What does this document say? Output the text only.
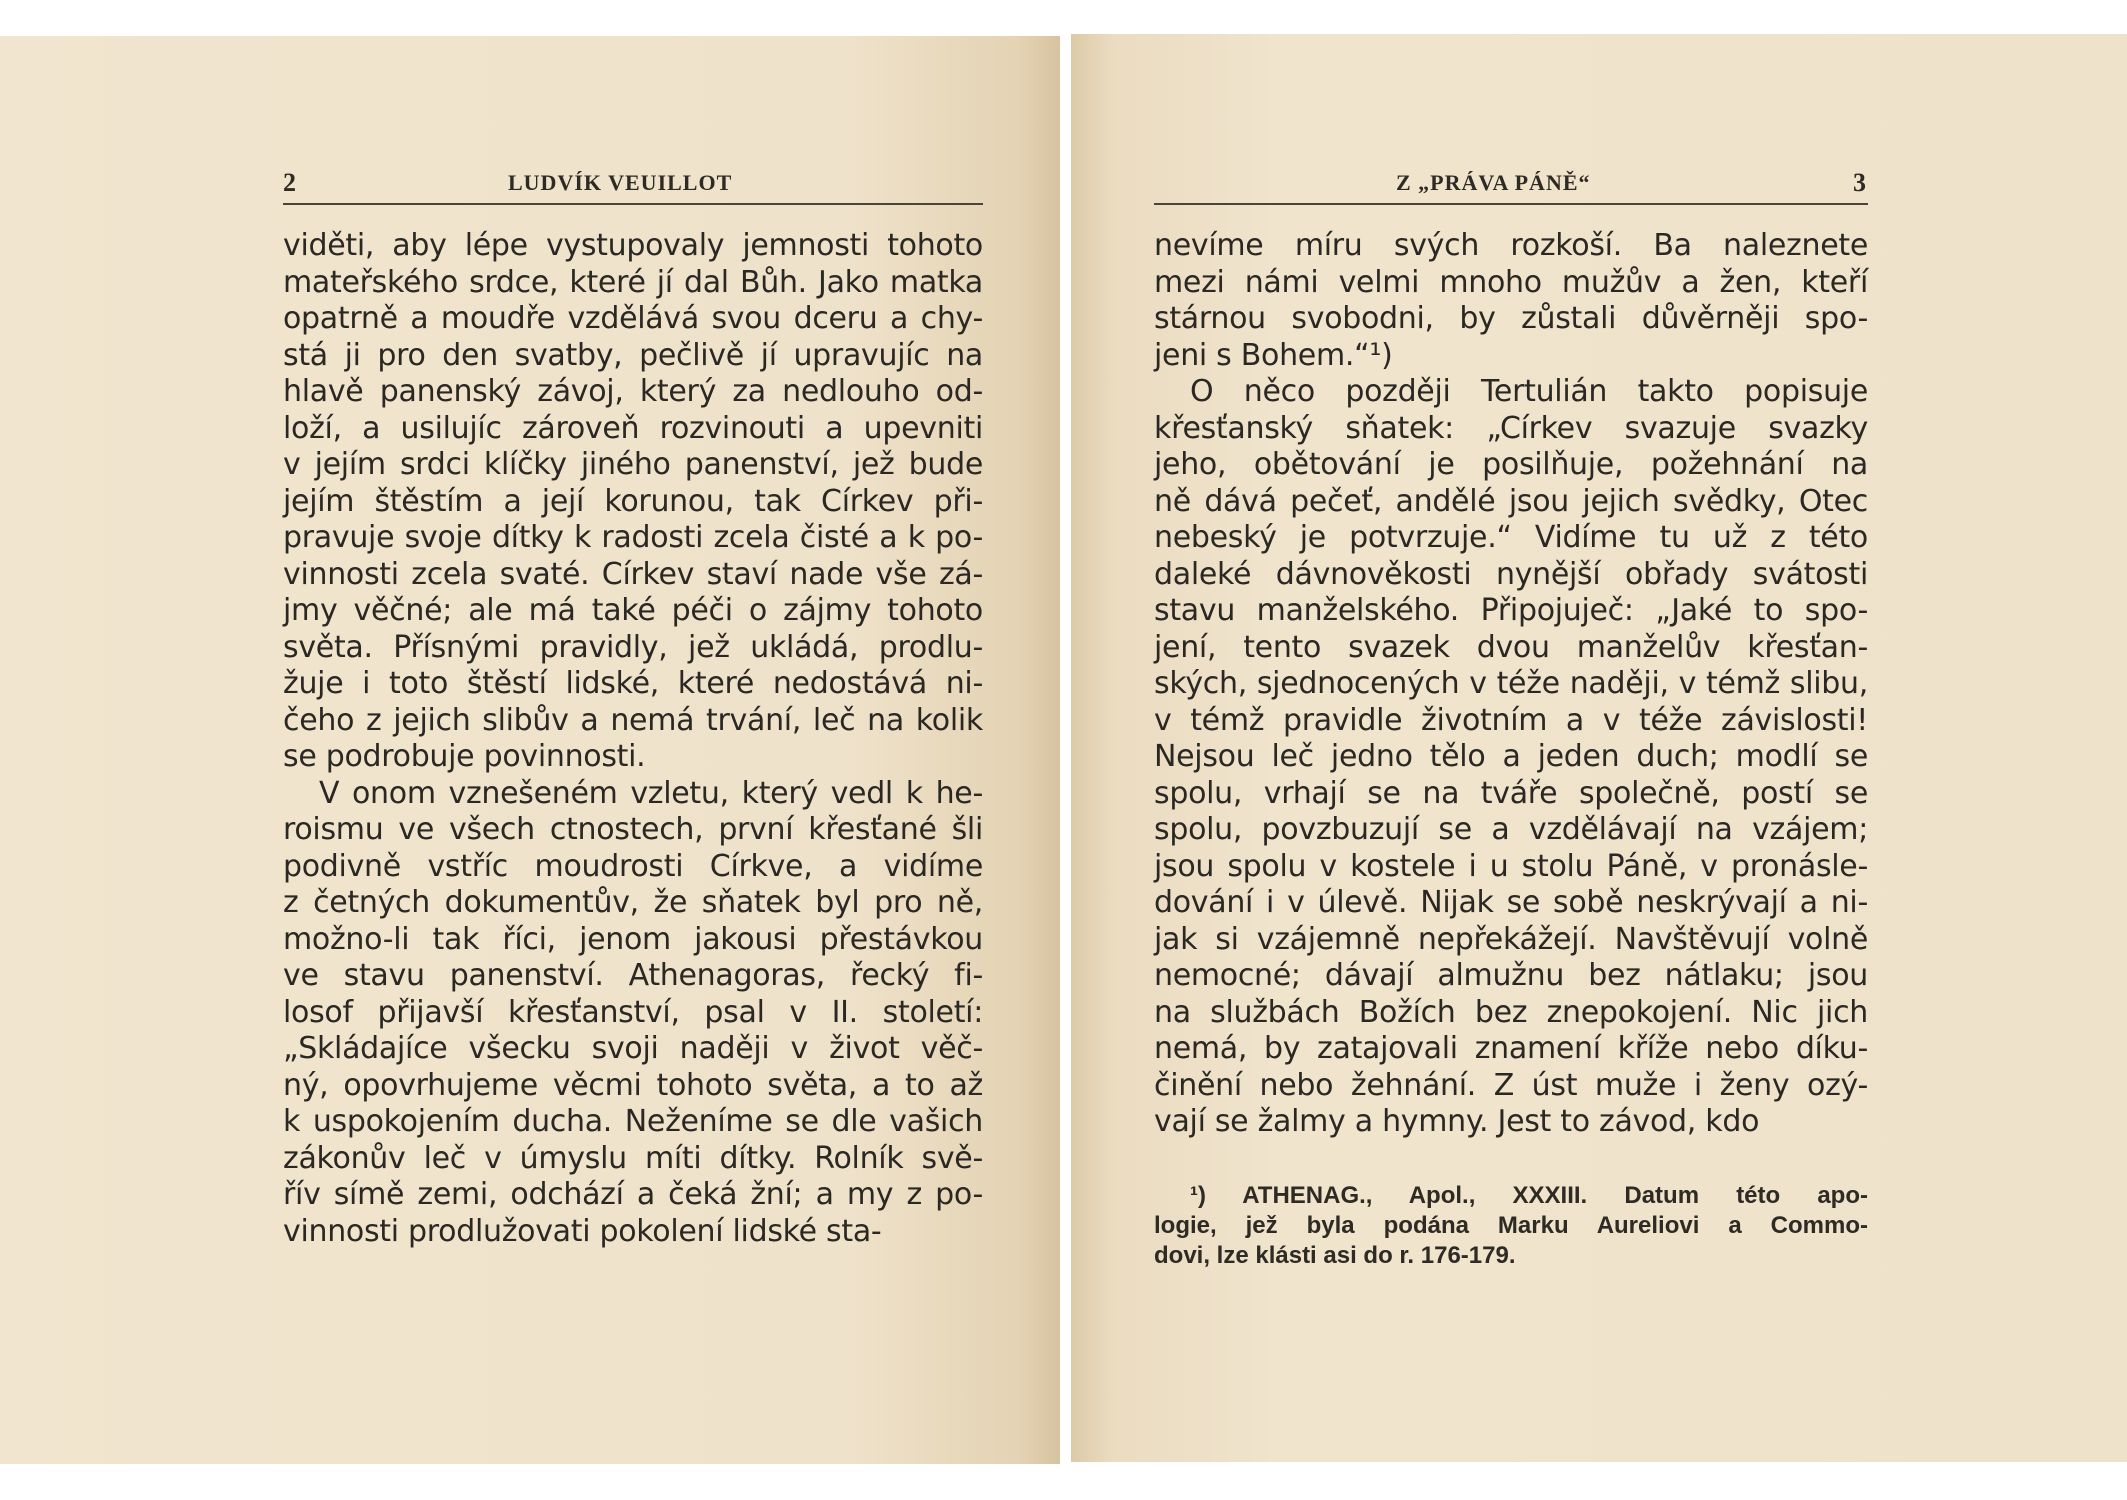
2	LUDVÍK VEUILLOT
viděti, aby lépe vystupovaly jemnosti tohoto
mateřského srdce, které jí dal Bůh. Jako matka
opatrně a moudře vzdělává svou dceru a chy-
stá ji pro den svatby, pečlivě jí upravujíc na
hlavě panenský závoj, který za nedlouho od-
loží, a usilujíc zároveň rozvinouti a upevniti
v jejím srdci klíčky jiného panenství, jež bude
jejím štěstím a její korunou, tak Církev při-
pravuje svoje dítky k radosti zcela čisté a k po-
vinnosti zcela svaté. Církev staví nade vše zá-
jmy věčné; ale má také péči o zájmy tohoto
světa. Přísnými pravidly, jež ukládá, prodlu-
žuje i toto štěstí lidské, které nedostává ni-
čeho z jejich slibův a nemá trvání, leč na kolik
se podrobuje povinnosti.
V onom vznešeném vzletu, který vedl k he-
roismu ve všech ctnostech, první křesťané šli
podivně vstříc moudrosti Církve, a vidíme
z četných dokumentův, že sňatek byl pro ně,
možno-li tak říci, jenom jakousi přestávkou
ve stavu panenství. Athenagoras, řecký fi-
losof přijavší křesťanství, psal v II. století:
„Skládajíce všecku svoji naději v život věč-
ný, opovrhujeme věcmi tohoto světa, a to až
k uspokojením ducha. Neženíme se dle vašich
zákonův leč v úmyslu míti dítky. Rolník svě-
řív símě zemi, odchází a čeká žní; a my z po-
vinnosti prodlužovati pokolení lidské sta-
Z „PRÁVA PÁNĚ“	3
nevíme míru svých rozkoší. Ba naleznete
mezi námi velmi mnoho mužův a žen, kteří
stárnou svobodni, by zůstali důvěrněji spo-
jeni s Bohem.“¹)
O něco později Tertulián takto popisuje
křesťanský sňatek: „Církev svazuje svazky
jeho, obětování je posilňuje, požehnání na
ně dává pečeť, andělé jsou jejich svědky, Otec
nebeský je potvrzuje.“ Vidíme tu už z této
daleké dávnověkosti nynější obřady svátosti
stavu manželského. Připojuječ: „Jaké to spo-
jení, tento svazek dvou manželův křesťan-
ských, sjednocených v téže naději, v témž slibu,
v témž pravidle životním a v téže závislosti!
Nejsou leč jedno tělo a jeden duch; modlí se
spolu, vrhají se na tváře společně, postí se
spolu, povzbuzují se a vzdělávají na vzájem;
jsou spolu v kostele i u stolu Páně, v pronásle-
dování i v úlevě. Nijak se sobě neskrývají a ni-
jak si vzájemně nepřekážejí. Navštěvují volně
nemocné; dávají almužnu bez nátlaku; jsou
na službách Božích bez znepokojení. Nic jich
nemá, by zatajovali znamení kříže nebo díku-
činění nebo žehnání. Z úst muže i ženy ozý-
vají se žalmy a hymny. Jest to závod, kdo
¹) ATHENAG., Apol., XXXIII. Datum této apo-
logie, jež byla podána Marku Aureliovi a Commo-
dovi, lze klásti asi do r. 176-179.
